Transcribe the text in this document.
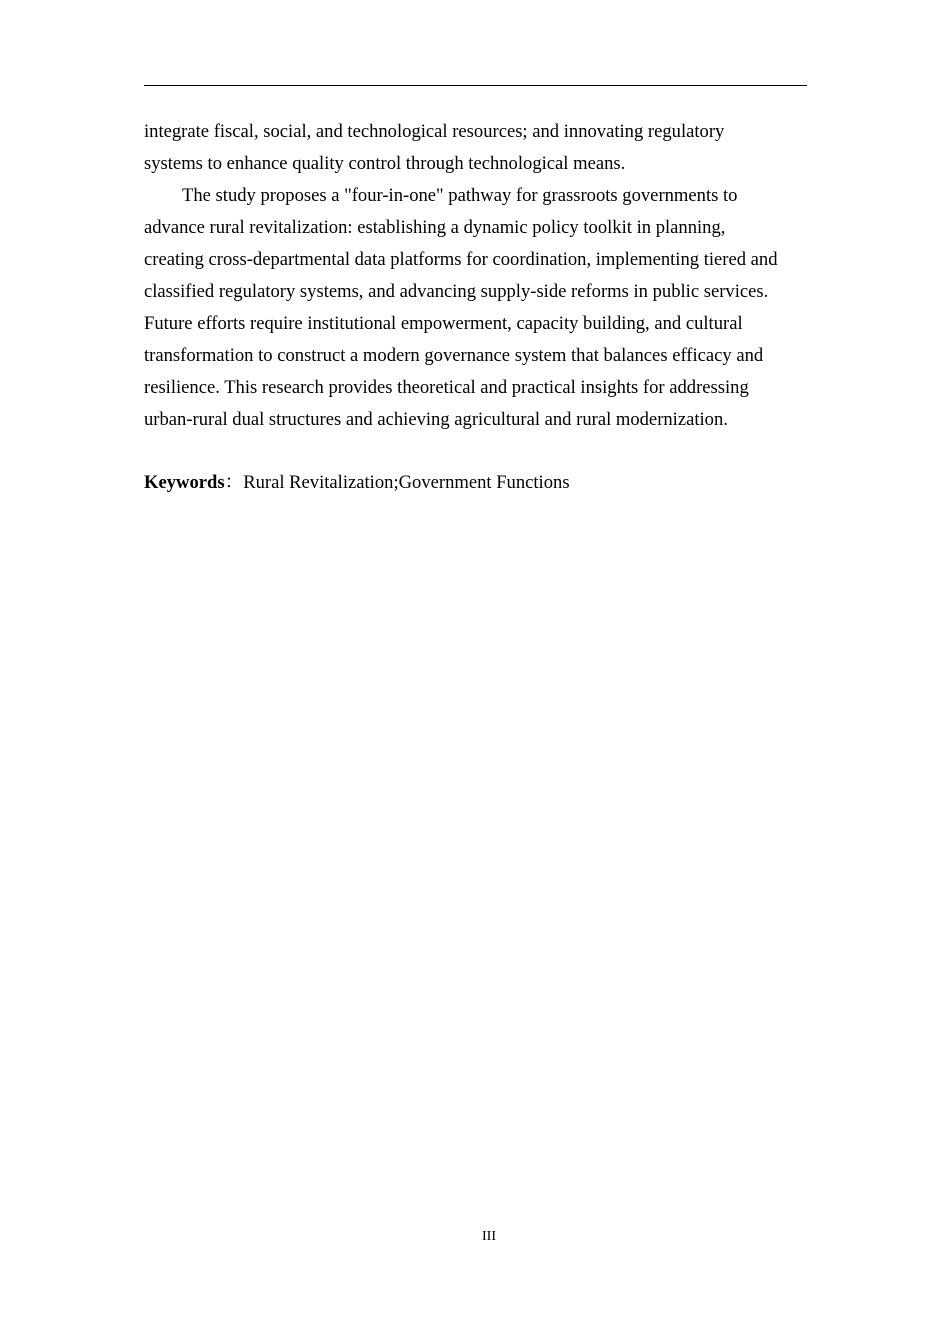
integrate fiscal, social, and technological resources; and innovating regulatory
systems to enhance quality control through technological means.

The study proposes a "four-in-one" pathway for grassroots governments to
advance rural revitalization: establishing a dynamic policy toolkit in planning,
creating cross-departmental data platforms for coordination, implementing tiered and
classified regulatory systems, and advancing supply-side reforms in public services.
Future efforts require institutional empowerment, capacity building, and cultural
transformation to construct a modern governance system that balances efficacy and
resilience. This research provides theoretical and practical insights for addressing
urban-rural dual structures and achieving agricultural and rural modernization.

Keywords：Rural Revitalization;Government Functions
III
